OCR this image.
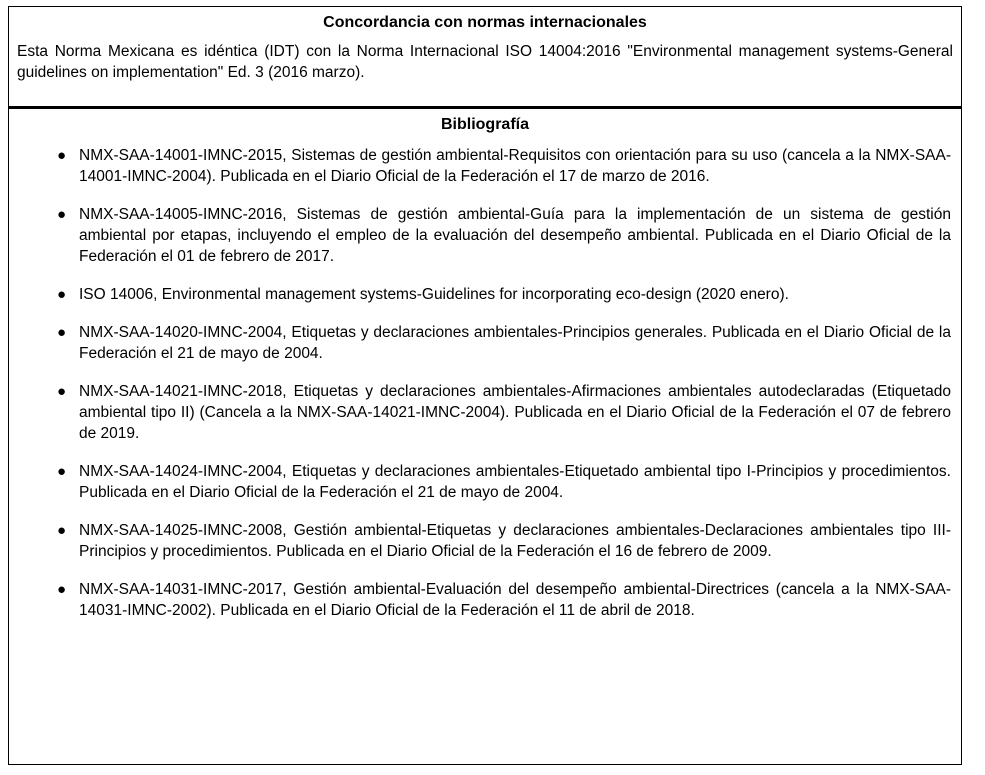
Concordancia con normas internacionales

Esta Norma Mexicana es idéntica (IDT) con la Norma Internacional ISO 14004:2016 "Environmental management systems-General guidelines on implementation" Ed. 3 (2016 marzo).

Bibliografía
● NMX-SAA-14001-IMNC-2015, Sistemas de gestión ambiental-Requisitos con orientación para su uso (cancela a la NMX-SAA-14001-IMNC-2004). Publicada en el Diario Oficial de la Federación el 17 de marzo de 2016.
● NMX-SAA-14005-IMNC-2016, Sistemas de gestión ambiental-Guía para la implementación de un sistema de gestión ambiental por etapas, incluyendo el empleo de la evaluación del desempeño ambiental. Publicada en el Diario Oficial de la Federación el 01 de febrero de 2017.
● ISO 14006, Environmental management systems-Guidelines for incorporating eco-design (2020 enero).
● NMX-SAA-14020-IMNC-2004, Etiquetas y declaraciones ambientales-Principios generales. Publicada en el Diario Oficial de la Federación el 21 de mayo de 2004.
● NMX-SAA-14021-IMNC-2018, Etiquetas y declaraciones ambientales-Afirmaciones ambientales autodeclaradas (Etiquetado ambiental tipo II) (Cancela a la NMX-SAA-14021-IMNC-2004). Publicada en el Diario Oficial de la Federación el 07 de febrero de 2019.
● NMX-SAA-14024-IMNC-2004, Etiquetas y declaraciones ambientales-Etiquetado ambiental tipo I-Principios y procedimientos. Publicada en el Diario Oficial de la Federación el 21 de mayo de 2004.
● NMX-SAA-14025-IMNC-2008, Gestión ambiental-Etiquetas y declaraciones ambientales-Declaraciones ambientales tipo III-Principios y procedimientos. Publicada en el Diario Oficial de la Federación el 16 de febrero de 2009.
● NMX-SAA-14031-IMNC-2017, Gestión ambiental-Evaluación del desempeño ambiental-Directrices (cancela a la NMX-SAA-14031-IMNC-2002). Publicada en el Diario Oficial de la Federación el 11 de abril de 2018.
